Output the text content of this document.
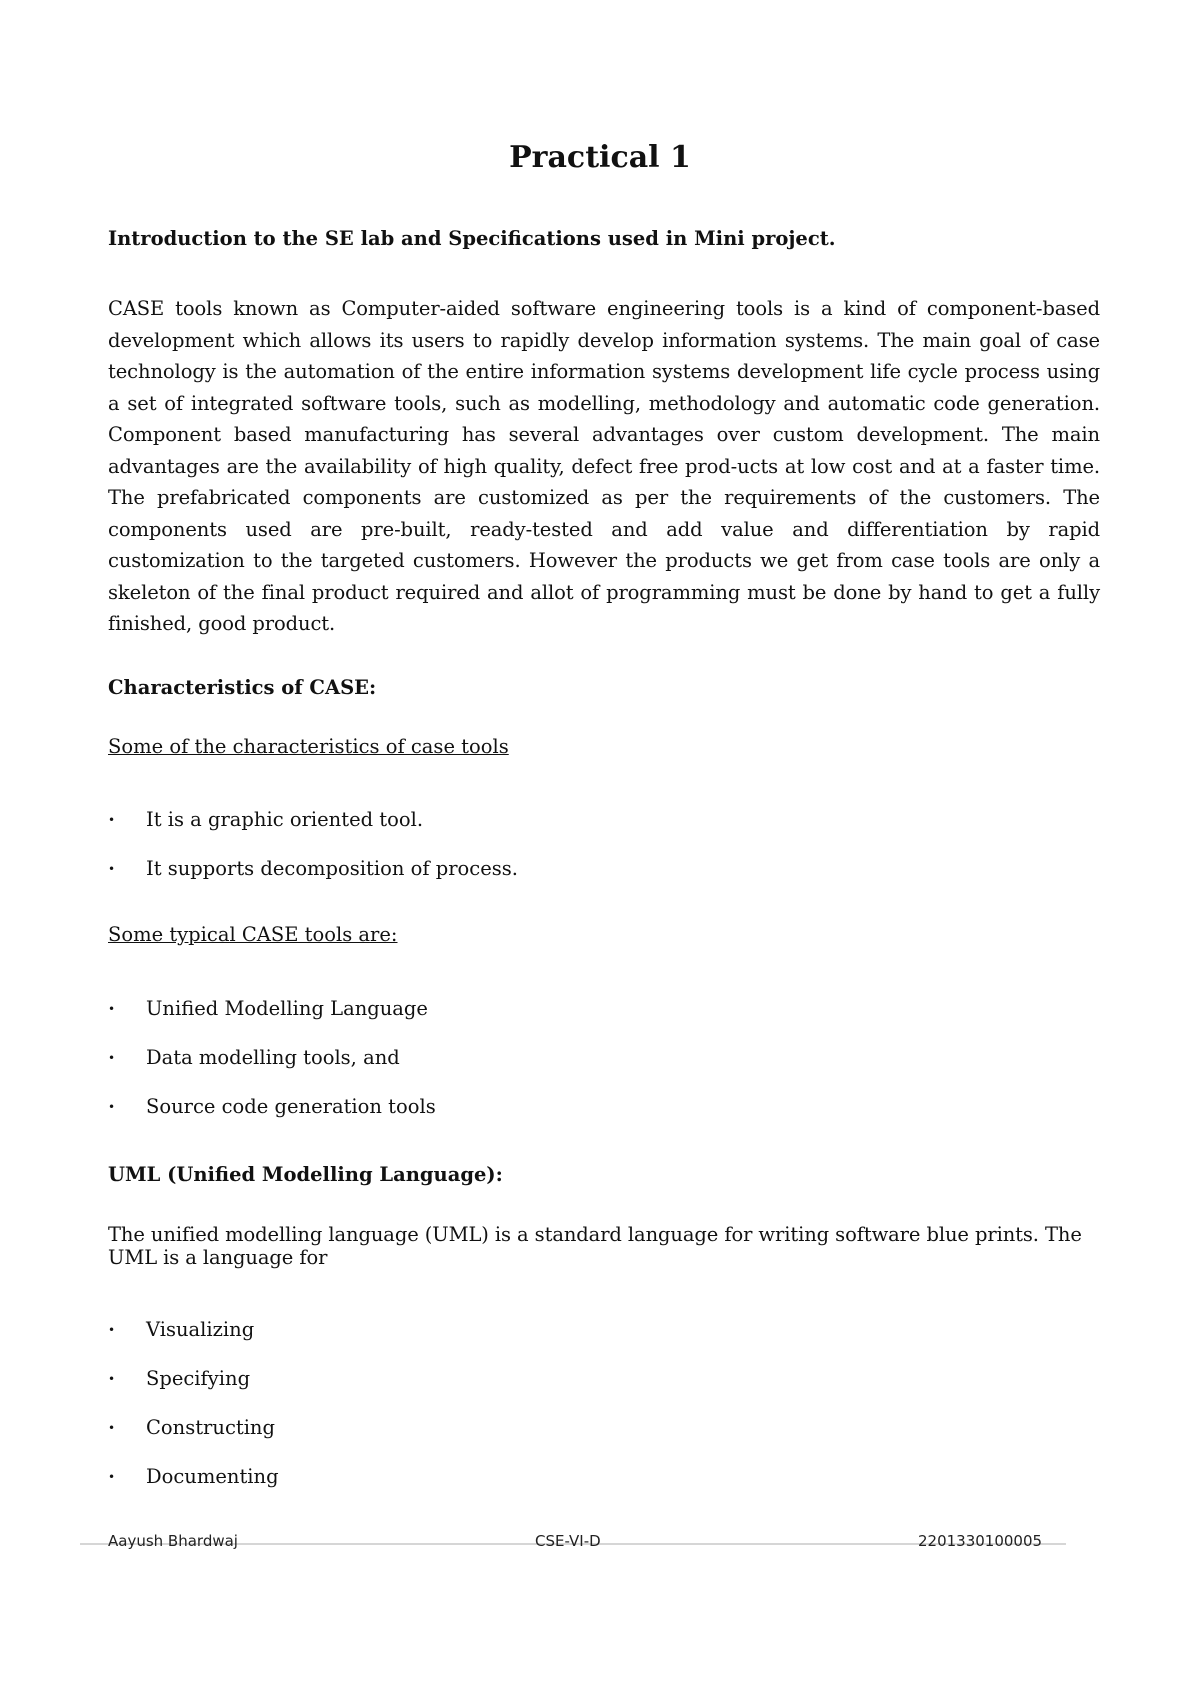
Practical 1

Introduction to the SE lab and Specifications used in Mini project.

CASE tools known as Computer-aided software engineering tools is a kind of component-based development which allows its users to rapidly develop information systems. The main goal of case technology is the automation of the entire information systems development life cycle process using a set of integrated software tools, such as modelling, methodology and automatic code generation. Component based manufacturing has several advantages over custom development. The main advantages are the availability of high quality, defect free prod-ucts at low cost and at a faster time. The prefabricated components are customized as per the requirements of the customers. The components used are pre-built, ready-tested and add value and differentiation by rapid customization to the targeted customers. However the products we get from case tools are only a skeleton of the final product required and allot of programming must be done by hand to get a fully finished, good product.

Characteristics of CASE:

Some of the characteristics of case tools

•	It is a graphic oriented tool.
•	It supports decomposition of process.

Some typical CASE tools are:

•	Unified Modelling Language
•	Data modelling tools, and
•	Source code generation tools

UML (Unified Modelling Language):

The unified modelling language (UML) is a standard language for writing software blue prints. The UML is a language for

•	Visualizing
•	Specifying
•	Constructing
•	Documenting

Aayush Bhardwaj	CSE-VI-D	2201330100005
